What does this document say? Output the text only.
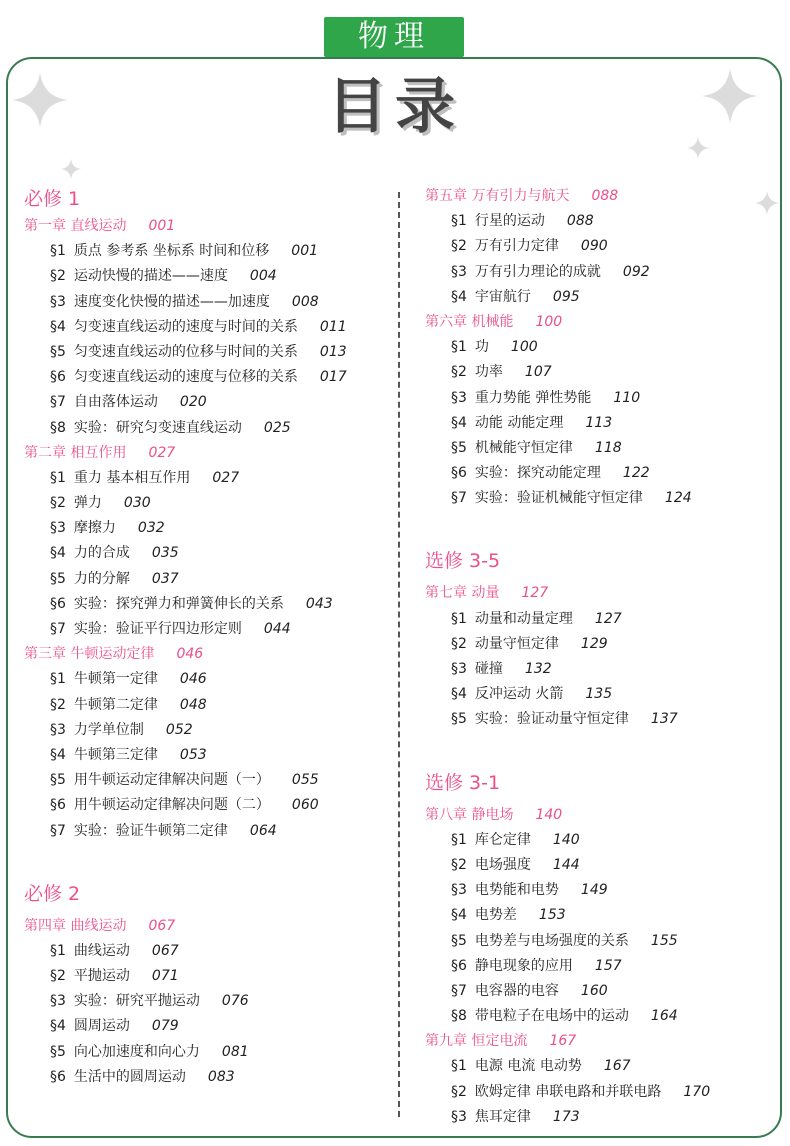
物理
目录
必修 1
第一章 直线运动 001
§1 质点 参考系 坐标系 时间和位移 001
§2 运动快慢的描述——速度 004
§3 速度变化快慢的描述——加速度 008
§4 匀变速直线运动的速度与时间的关系 011
§5 匀变速直线运动的位移与时间的关系 013
§6 匀变速直线运动的速度与位移的关系 017
§7 自由落体运动 020
§8 实验：研究匀变速直线运动 025
第二章 相互作用 027
§1 重力 基本相互作用 027
§2 弹力 030
§3 摩擦力 032
§4 力的合成 035
§5 力的分解 037
§6 实验：探究弹力和弹簧伸长的关系 043
§7 实验：验证平行四边形定则 044
第三章 牛顿运动定律 046
§1 牛顿第一定律 046
§2 牛顿第二定律 048
§3 力学单位制 052
§4 牛顿第三定律 053
§5 用牛顿运动定律解决问题（一） 055
§6 用牛顿运动定律解决问题（二） 060
§7 实验：验证牛顿第二定律 064
必修 2
第四章 曲线运动 067
§1 曲线运动 067
§2 平抛运动 071
§3 实验：研究平抛运动 076
§4 圆周运动 079
§5 向心加速度和向心力 081
§6 生活中的圆周运动 083
第五章 万有引力与航天 088
§1 行星的运动 088
§2 万有引力定律 090
§3 万有引力理论的成就 092
§4 宇宙航行 095
第六章 机械能 100
§1 功 100
§2 功率 107
§3 重力势能 弹性势能 110
§4 动能 动能定理 113
§5 机械能守恒定律 118
§6 实验：探究动能定理 122
§7 实验：验证机械能守恒定律 124
选修 3-5
第七章 动量 127
§1 动量和动量定理 127
§2 动量守恒定律 129
§3 碰撞 132
§4 反冲运动 火箭 135
§5 实验：验证动量守恒定律 137
选修 3-1
第八章 静电场 140
§1 库仑定律 140
§2 电场强度 144
§3 电势能和电势 149
§4 电势差 153
§5 电势差与电场强度的关系 155
§6 静电现象的应用 157
§7 电容器的电容 160
§8 带电粒子在电场中的运动 164
第九章 恒定电流 167
§1 电源 电流 电动势 167
§2 欧姆定律 串联电路和并联电路 170
§3 焦耳定律 173
